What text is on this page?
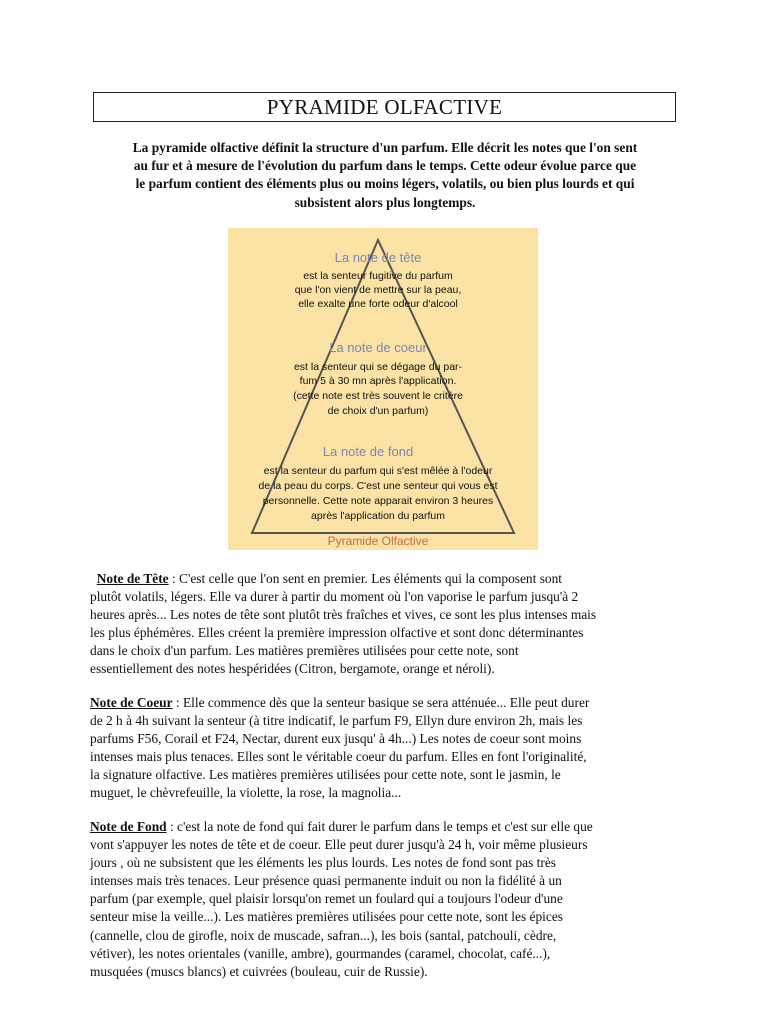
PYRAMIDE OLFACTIVE
La pyramide olfactive définit la structure d'un parfum. Elle décrit les notes que l'on sent
au fur et à mesure de l'évolution du parfum dans le temps. Cette odeur évolue parce que
le parfum contient des éléments plus ou moins légers, volatils, ou bien plus lourds et qui
subsistent alors plus longtemps.
La note de tête
est la senteur fugitive du parfum
que l'on vient de mettre sur la peau,
elle exalte une forte odeur d'alcool
La note de coeur
est la senteur qui se dégage du par-
fum 5 à 30 mn après l'application.
(cette note est très souvent le critère
de choix d'un parfum)
La note de fond
est la senteur du parfum qui s'est mêlée à l'odeur
de la peau du corps. C'est une senteur qui vous est
personnelle. Cette note apparait environ 3 heures
après l'application du parfum
Pyramide Olfactive
Note de Tête : C'est celle que l'on sent en premier. Les éléments qui la composent sont
plutôt volatils, légers. Elle va durer à partir du moment où l'on vaporise le parfum jusqu'à 2
heures après... Les notes de tête sont plutôt très fraîches et vives, ce sont les plus intenses mais
les plus éphémères. Elles créent la première impression olfactive et sont donc déterminantes
dans le choix d'un parfum. Les matières premières utilisées pour cette note, sont
essentiellement des notes hespéridées (Citron, bergamote, orange et néroli).
Note de Coeur : Elle commence dès que la senteur basique se sera atténuée... Elle peut durer
de 2 h à 4h suivant la senteur (à titre indicatif, le parfum F9, Ellyn dure environ 2h, mais les
parfums F56, Corail et F24, Nectar, durent eux jusqu' à 4h...) Les notes de coeur sont moins
intenses mais plus tenaces. Elles sont le véritable coeur du parfum. Elles en font l'originalité,
la signature olfactive. Les matières premières utilisées pour cette note, sont le jasmin, le
muguet, le chèvrefeuille, la violette, la rose, la magnolia...
Note de Fond : c'est la note de fond qui fait durer le parfum dans le temps et c'est sur elle que
vont s'appuyer les notes de tête et de coeur. Elle peut durer jusqu'à 24 h, voir même plusieurs
jours , où ne subsistent que les éléments les plus lourds. Les notes de fond sont pas très
intenses mais très tenaces. Leur présence quasi permanente induit ou non la fidélité à un
parfum (par exemple, quel plaisir lorsqu'on remet un foulard qui a toujours l'odeur d'une
senteur mise la veille...). Les matières premières utilisées pour cette note, sont les épices
(cannelle, clou de girofle, noix de muscade, safran...), les bois (santal, patchouli, cèdre,
vétiver), les notes orientales (vanille, ambre), gourmandes (caramel, chocolat, café...),
musquées (muscs blancs) et cuivrées (bouleau, cuir de Russie).
